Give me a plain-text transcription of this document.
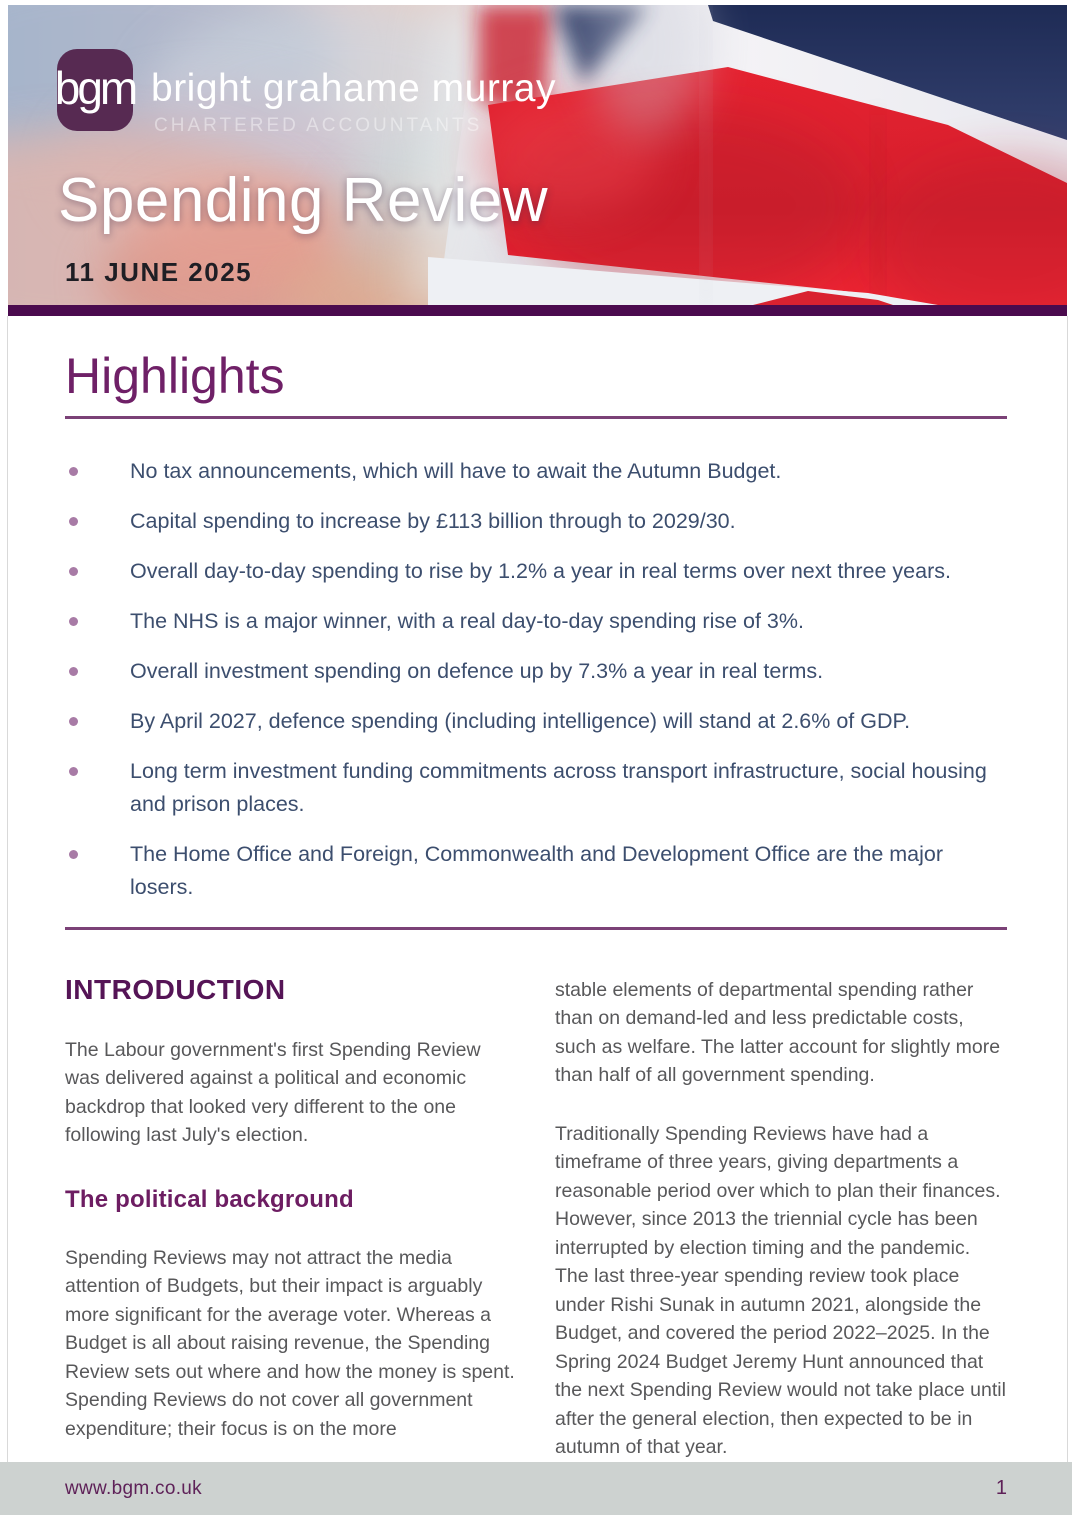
bgm bright grahame murray
CHARTERED ACCOUNTANTS
Spending Review
11 JUNE 2025
Highlights
No tax announcements, which will have to await the Autumn Budget.
Capital spending to increase by £113 billion through to 2029/30.
Overall day-to-day spending to rise by 1.2% a year in real terms over next three years.
The NHS is a major winner, with a real day-to-day spending rise of 3%.
Overall investment spending on defence up by 7.3% a year in real terms.
By April 2027, defence spending (including intelligence) will stand at 2.6% of GDP.
Long term investment funding commitments across transport infrastructure, social housing and prison places.
The Home Office and Foreign, Commonwealth and Development Office are the major losers.
INTRODUCTION

The Labour government's first Spending Review was delivered against a political and economic backdrop that looked very different to the one following last July's election.

The political background

Spending Reviews may not attract the media attention of Budgets, but their impact is arguably more significant for the average voter. Whereas a Budget is all about raising revenue, the Spending Review sets out where and how the money is spent. Spending Reviews do not cover all government expenditure; their focus is on the more

stable elements of departmental spending rather than on demand-led and less predictable costs, such as welfare. The latter account for slightly more than half of all government spending.

Traditionally Spending Reviews have had a timeframe of three years, giving departments a reasonable period over which to plan their finances. However, since 2013 the triennial cycle has been interrupted by election timing and the pandemic. The last three-year spending review took place under Rishi Sunak in autumn 2021, alongside the Budget, and covered the period 2022–2025. In the Spring 2024 Budget Jeremy Hunt announced that the next Spending Review would not take place until after the general election, then expected to be in autumn of that year.

www.bgm.co.uk	1
